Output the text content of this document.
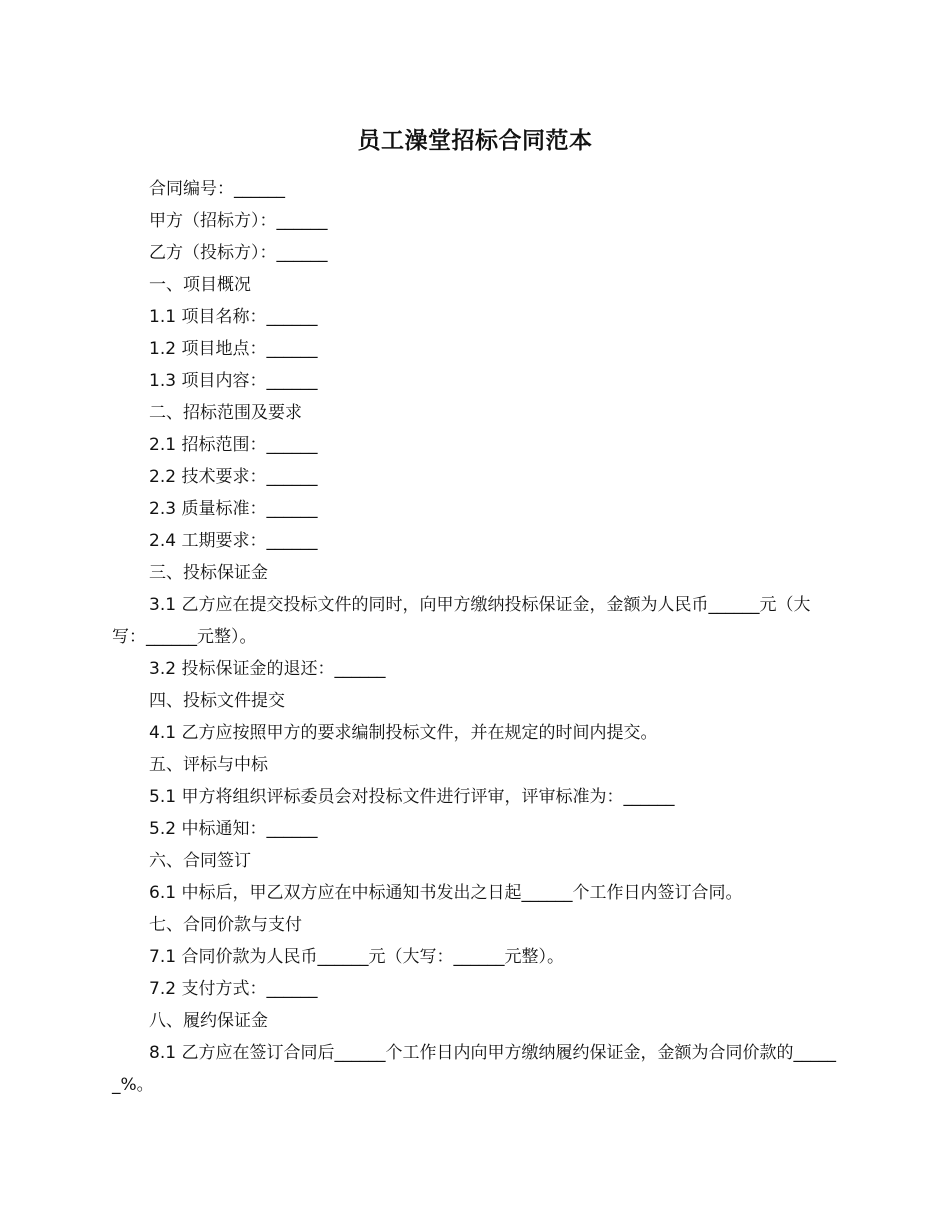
员工澡堂招标合同范本

合同编号：______

甲方（招标方）：______

乙方（投标方）：______

一、项目概况

1.1 项目名称：______

1.2 项目地点：______

1.3 项目内容：______

二、招标范围及要求

2.1 招标范围：______

2.2 技术要求：______

2.3 质量标准：______

2.4 工期要求：______

三、投标保证金

3.1 乙方应在提交投标文件的同时，向甲方缴纳投标保证金，金额为人民币______元（大写：______元整）。

3.2 投标保证金的退还：______

四、投标文件提交

4.1 乙方应按照甲方的要求编制投标文件，并在规定的时间内提交。

五、评标与中标

5.1 甲方将组织评标委员会对投标文件进行评审，评审标准为：______

5.2 中标通知：______

六、合同签订

6.1 中标后，甲乙双方应在中标通知书发出之日起______个工作日内签订合同。

七、合同价款与支付

7.1 合同价款为人民币______元（大写：______元整）。

7.2 支付方式：______

八、履约保证金

8.1 乙方应在签订合同后______个工作日内向甲方缴纳履约保证金，金额为合同价款的______%。
